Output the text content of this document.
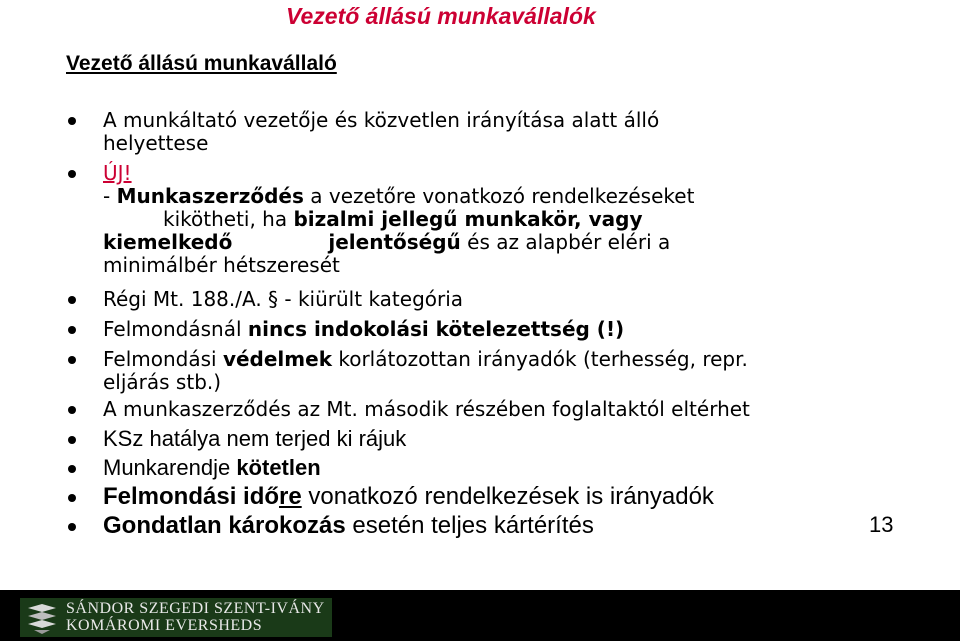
Vezető állású munkavállalók
Vezető állású munkavállaló
A munkáltató vezetője és közvetlen irányítása alatt álló
helyettese
ÚJ!
- Munkaszerződés a vezetőre vonatkozó rendelkezéseket
kikötheti, ha bizalmi jellegű munkakör, vagy
kiemelkedő	jelentőségű és az alapbér eléri a
minimálbér hétszeresét
Régi Mt. 188./A. § - kiürült kategória
Felmondásnál nincs indokolási kötelezettség (!)
Felmondási védelmek korlátozottan irányadók (terhesség, repr.
eljárás stb.)
A munkaszerződés az Mt. második részében foglaltaktól eltérhet
KSz hatálya nem terjed ki rájuk
Munkarendje kötetlen
Felmondási időre vonatkozó rendelkezések is irányadók
Gondatlan károkozás esetén teljes kártérítés	13
SÁNDOR SZEGEDI SZENT-IVÁNY
KOMÁROMI EVERSHEDS
